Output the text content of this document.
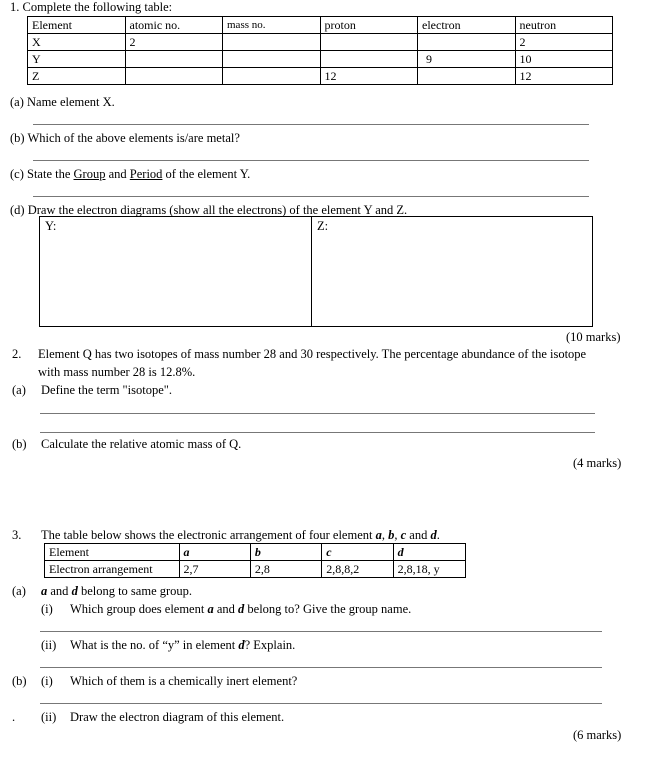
1. Complete the following table:
Element	atomic no.	mass no.	proton	electron	neutron
X	2				2
Y				9	10
Z			12		12
(a) Name element X.
(b) Which of the above elements is/are metal?
(c) State the Group and Period of the element Y.
(d) Draw the electron diagrams (show all the electrons) of the element Y and Z.
Y:	Z:
(10 marks)
2. Element Q has two isotopes of mass number 28 and 30 respectively. The percentage abundance of the isotope
with mass number 28 is 12.8%.
(a) Define the term "isotope".
(b) Calculate the relative atomic mass of Q.
(4 marks)
3. The table below shows the electronic arrangement of four element a, b, c and d.
Element	a	b	c	d
Electron arrangement	2,7	2,8	2,8,8,2	2,8,18, y
(a) a and d belong to same group.
(i) Which group does element a and d belong to? Give the group name.
(ii) What is the no. of “y” in element d? Explain.
(b) (i) Which of them is a chemically inert element?
. (ii) Draw the electron diagram of this element.
(6 marks)
